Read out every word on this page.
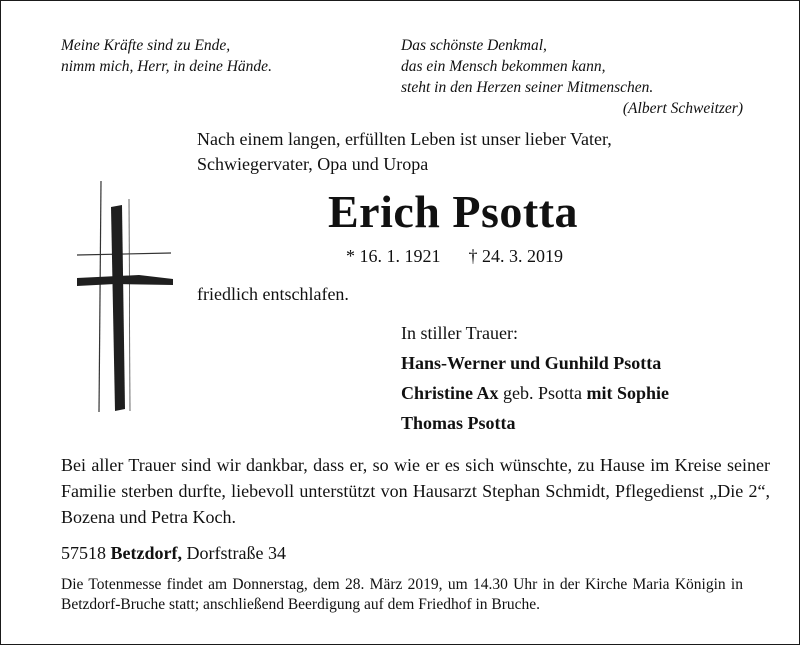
Meine Kräfte sind zu Ende,
nimm mich, Herr, in deine Hände.
Das schönste Denkmal,
das ein Mensch bekommen kann,
steht in den Herzen seiner Mitmenschen.
(Albert Schweitzer)
Nach einem langen, erfüllten Leben ist unser lieber Vater,
Schwiegervater, Opa und Uropa
Erich Psotta
* 16. 1. 1921 † 24. 3. 2019
friedlich entschlafen.
In stiller Trauer:
Hans-Werner und Gunhild Psotta
Christine Ax geb. Psotta mit Sophie
Thomas Psotta
Bei aller Trauer sind wir dankbar, dass er, so wie er es sich wünschte, zu Hause im Kreise seiner Familie sterben durfte, liebevoll unterstützt von Hausarzt Stephan Schmidt, Pflegedienst „Die 2“, Bozena und Petra Koch.
57518 Betzdorf, Dorfstraße 34
Die Totenmesse findet am Donnerstag, dem 28. März 2019, um 14.30 Uhr in der Kirche Maria Königin in Betzdorf-Bruche statt; anschließend Beerdigung auf dem Friedhof in Bruche.
